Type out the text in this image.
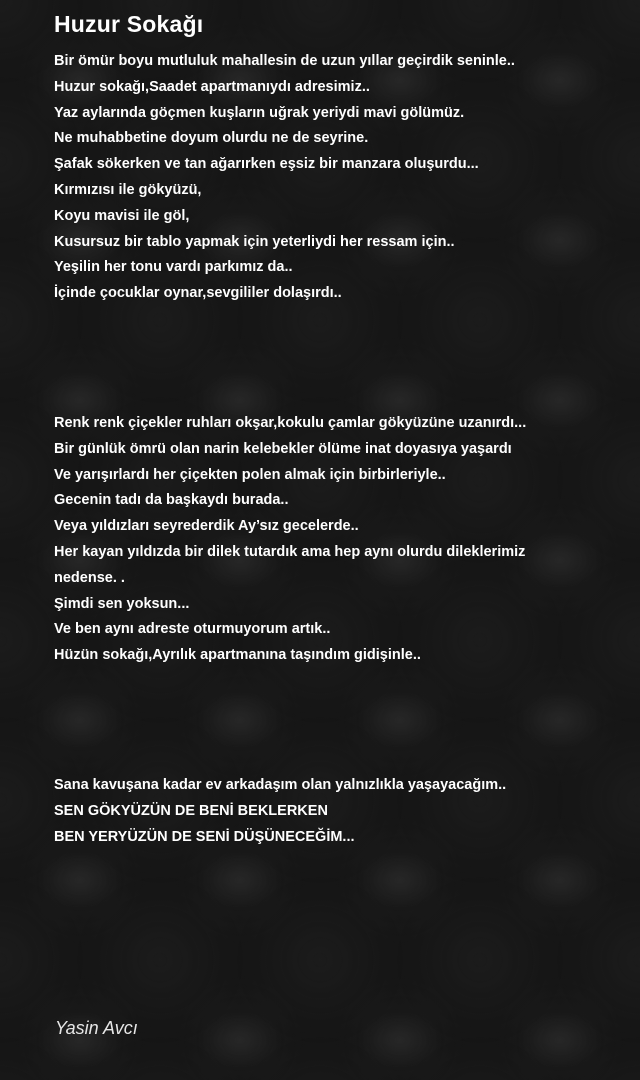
Huzur Sokağı
Bir ömür boyu mutluluk mahallesin de uzun yıllar geçirdik seninle..
Huzur sokağı,Saadet apartmanıydı adresimiz..
Yaz aylarında göçmen kuşların uğrak yeriydi mavi gölümüz.
Ne muhabbetine doyum olurdu ne de seyrine.
Şafak sökerken ve tan ağarırken eşsiz bir manzara oluşurdu...
Kırmızısı ile gökyüzü,
Koyu mavisi ile göl,
Kusursuz bir tablo yapmak için yeterliydi her ressam için..
Yeşilin her tonu vardı parkımız da..
İçinde çocuklar oynar,sevgililer dolaşırdı..
Renk renk çiçekler ruhları okşar,kokulu çamlar gökyüzüne uzanırdı...
Bir günlük ömrü olan narin kelebekler ölüme inat doyasıya yaşardı
Ve yarışırlardı her çiçekten polen almak için birbirleriyle..
Gecenin tadı da başkaydı burada..
Veya yıldızları seyrederdik Ay’sız gecelerde..
Her kayan yıldızda bir dilek tutardık ama hep aynı olurdu dileklerimiz
nedense. .
Şimdi sen yoksun...
Ve ben aynı adreste oturmuyorum artık..
Hüzün sokağı,Ayrılık apartmanına taşındım gidişinle..
Sana kavuşana kadar ev arkadaşım olan yalnızlıkla yaşayacağım..
SEN GÖKYÜZÜN DE BENİ BEKLERKEN
BEN YERYÜZÜN DE SENİ DÜŞÜNECEĞİM...

Yasin Avcı
